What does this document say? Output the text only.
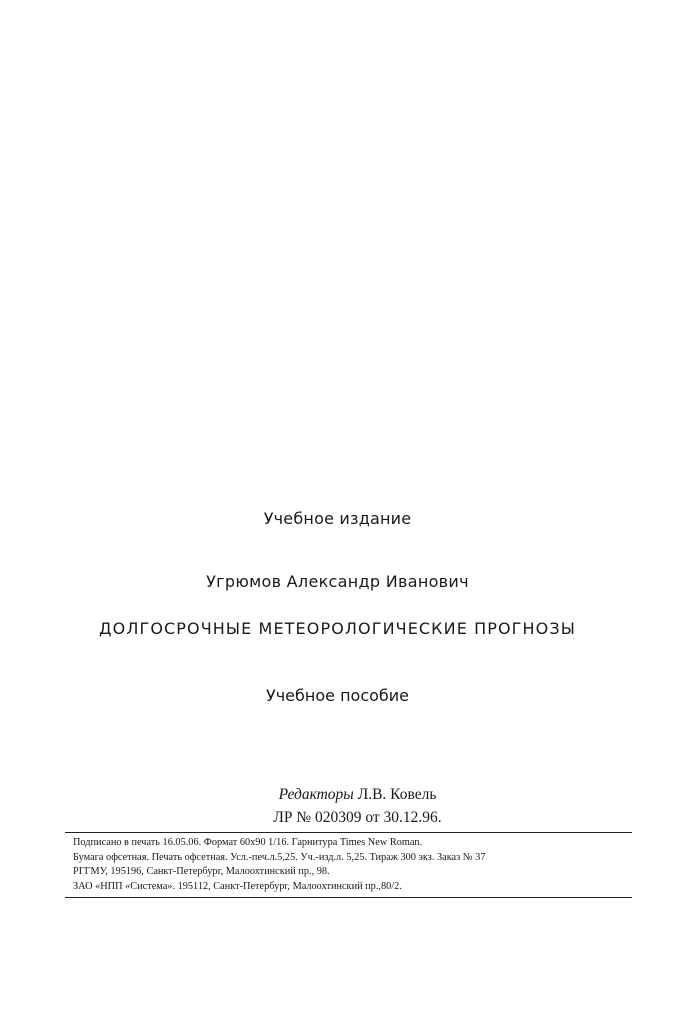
Учебное издание
Угрюмов Александр Иванович
ДОЛГОСРОЧНЫЕ МЕТЕОРОЛОГИЧЕСКИЕ ПРОГНОЗЫ
Учебное пособие
Редакторы Л.В. Ковель
ЛР № 020309 от 30.12.96.
Подписано в печать 16.05.06. Формат 60x90 1/16. Гарнитура Times New Roman.
Бумага офсетная. Печать офсетная. Усл.-печ.л.5,25. Уч.-изд.л. 5,25. Тираж 300 экз. Заказ № 37
РГГМУ, 195196, Санкт-Петербург, Малоохтинский пр., 98.
ЗАО «НПП «Система». 195112, Санкт-Петербург, Малоохтинский пр.,80/2.
